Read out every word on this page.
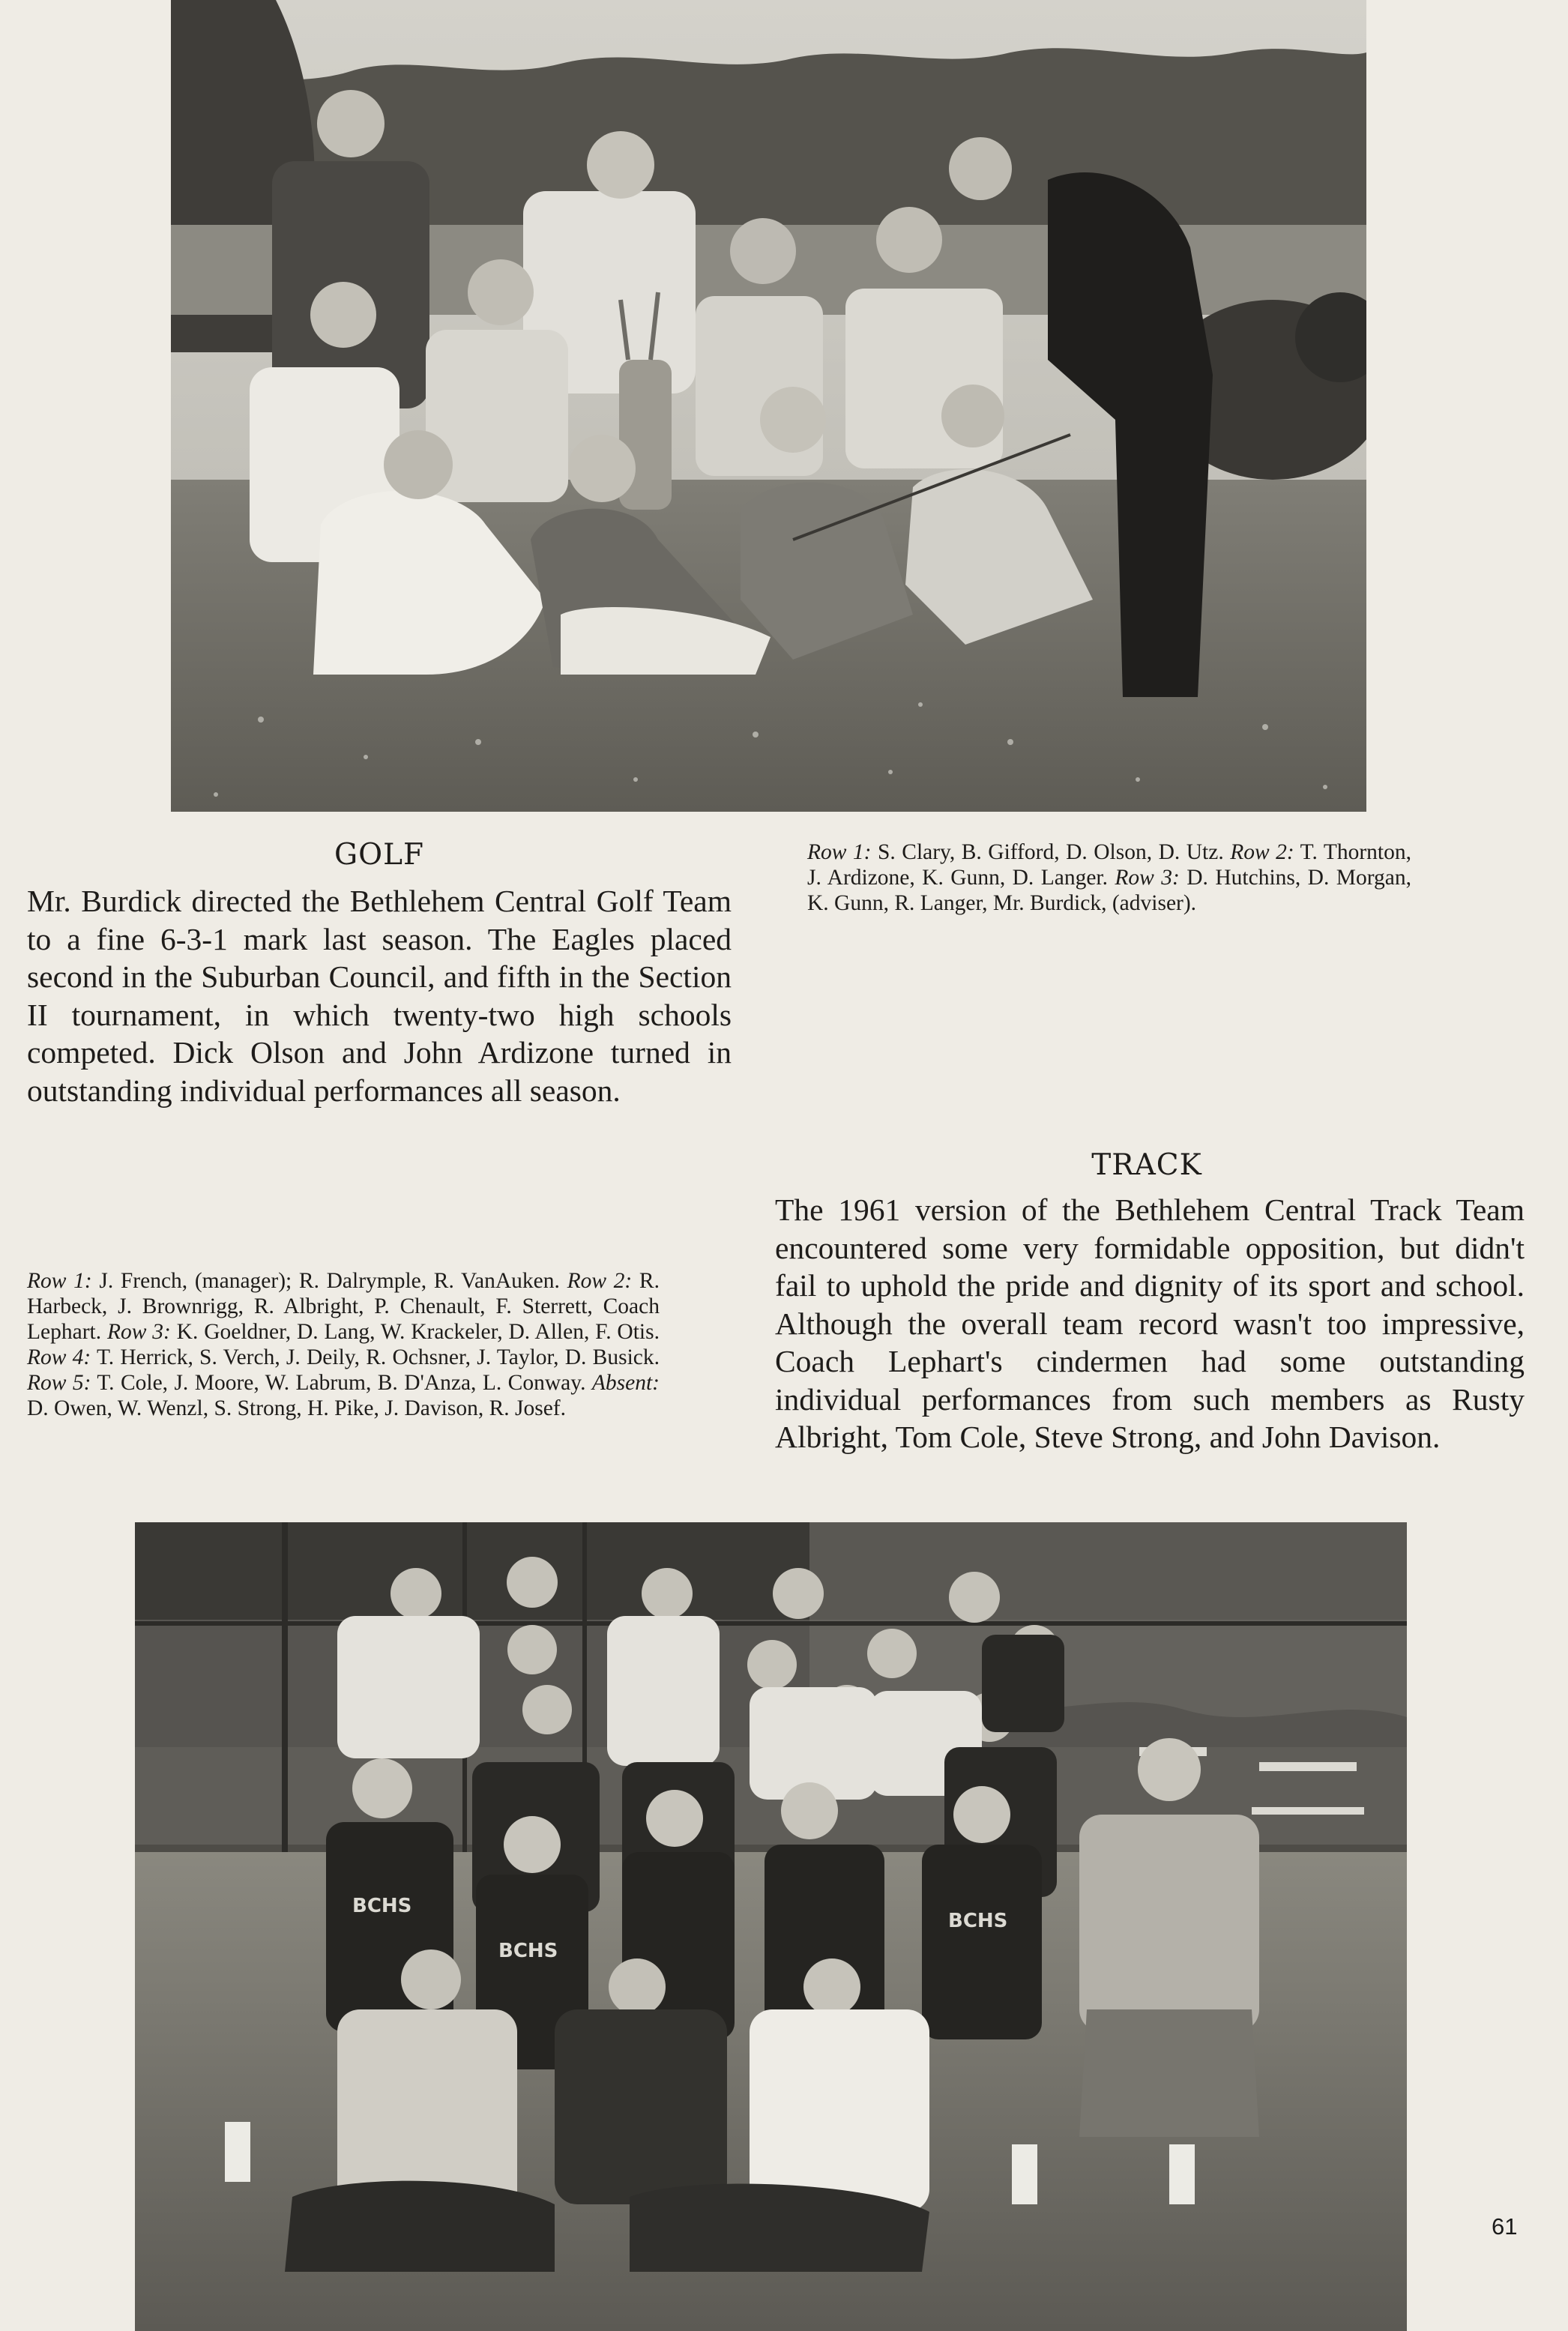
GOLF
Mr. Burdick directed the Bethlehem Central Golf Team to a fine 6-3-1 mark last season. The Eagles placed second in the Suburban Council, and fifth in the Section II tournament, in which twenty-two high schools competed. Dick Olson and John Ardizone turned in outstanding individual performances all season.
Row 1: S. Clary, B. Gifford, D. Olson, D. Utz. Row 2: T. Thornton, J. Ardizone, K. Gunn, D. Langer. Row 3: D. Hutchins, D. Morgan, K. Gunn, R. Langer, Mr. Burdick, (adviser).
TRACK
The 1961 version of the Bethlehem Central Track Team encountered some very formidable opposition, but didn't fail to uphold the pride and dignity of its sport and school. Although the overall team record wasn't too impressive, Coach Lephart's cindermen had some outstanding individual performances from such members as Rusty Albright, Tom Cole, Steve Strong, and John Davison.
Row 1: J. French, (manager); R. Dalrymple, R. VanAuken. Row 2: R. Harbeck, J. Brownrigg, R. Albright, P. Chenault, F. Sterrett, Coach Lephart. Row 3: K. Goeldner, D. Lang, W. Krackeler, D. Allen, F. Otis. Row 4: T. Herrick, S. Verch, J. Deily, R. Ochsner, J. Taylor, D. Busick. Row 5: T. Cole, J. Moore, W. Labrum, B. D'Anza, L. Conway. Absent: D. Owen, W. Wenzl, S. Strong, H. Pike, J. Davison, R. Josef.
BCHS
BCHS
BCHS
61
